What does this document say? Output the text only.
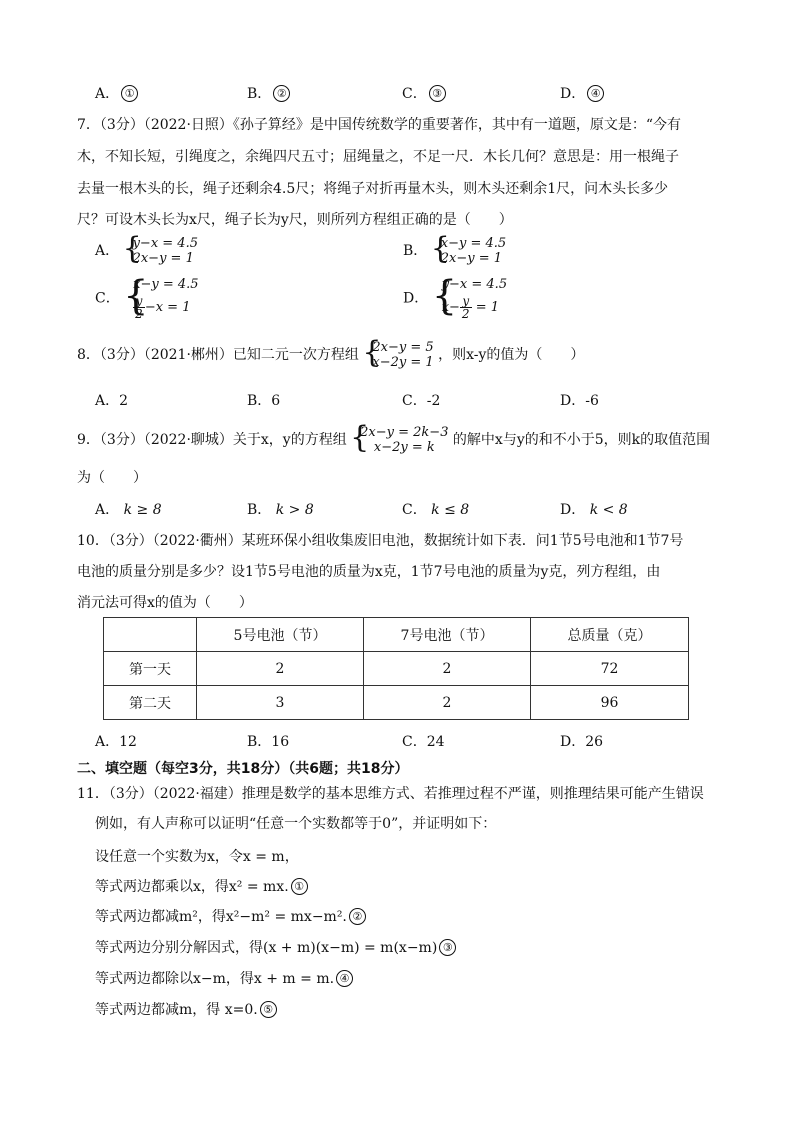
A． ①	B． ②	C． ③	D． ④
7．（3分）（2022·日照）《孙子算经》是中国传统数学的重要著作，其中有一道题，原文是：“今有
木，不知长短，引绳度之，余绳四尺五寸；屈绳量之，不足一尺．木长几何？意思是：用一根绳子
去量一根木头的长，绳子还剩余4.5尺；将绳子对折再量木头，则木头还剩余1尺，问木头长多少
尺？可设木头长为x尺，绳子长为y尺，则所列方程组正确的是（　　）
A． { y−x = 4.5
2x−y = 1	B． { x−y = 4.5
2x−y = 1
C．
{ x−y = 4.5
$\frac{y}{2} -x = 1$
D．
{ y−x = 4.5
$x- \frac{y}{2} = 1$
8．（3分）（2021·郴州）已知二元一次方程组 { 2x−y = 5
x−2y = 1 ，则x-y的值为（　　）
A．2	B．6	C．-2	D．-6
9．（3分）（2022·聊城）关于x，y的方程组 { 2x−y = 2k−3
x−2y = k	的解中x与y的和不小于5，则k的取值范围
为（　　）
A． k ≥ 8	B． k > 8	C． k ≤ 8	D． k < 8
10．（3分）（2022·衢州）某班环保小组收集废旧电池，数据统计如下表．问1节5号电池和1节7号
电池的质量分别是多少？设1节5号电池的质量为x克，1节7号电池的质量为y克，列方程组，由
消元法可得x的值为（　　）
	5号电池（节）	7号电池（节）	总质量（克）
第一天	2	2	72
第二天	3	2	96
A．12	B．16	C．24	D．26
二、填空题（每空3分，共18分）（共6题；共18分）
11．（3分）（2022·福建）推理是数学的基本思维方式、若推理过程不严谨，则推理结果可能产生错误
例如，有人声称可以证明“任意一个实数都等于0”，并证明如下：
设任意一个实数为x，令x = m，
等式两边都乘以x，得x² = mx. ①
等式两边都减m²，得x²−m² = mx−m². ②
等式两边分别分解因式，得(x + m)(x−m) = m(x−m) ③
等式两边都除以x−m，得x + m = m. ④
等式两边都减m，得 x=0. ⑤
